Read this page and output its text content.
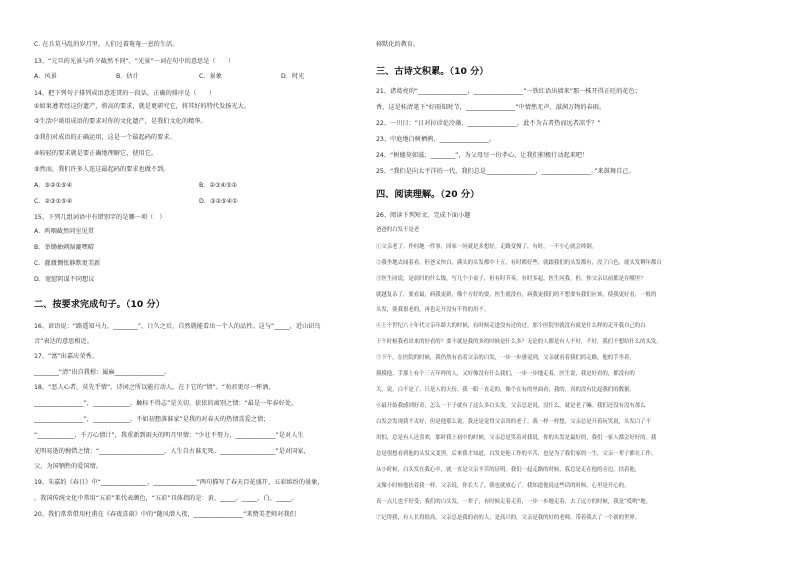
C. 在兵荒马乱的岁月里，人们过着奄奄一息的生活。
13、“元旦的光景与昨夕截然不同”，“光景”一词在句中的意思是（　　）
A．风景	B．估计	C．景象	D．时光
14、把下列句子排列成语意连贯的一段话，正确的排序是（　　）
①如果遵者经这份遗产，将高的要求，就是更研究它，将其好的特代发扬光大。
②生活中谈用成语的要求对你的文化遗产，是我们文化的精华。
③我们对成语的正确运用，这是一个最起码的要求。
④较轻的要求就是要正确地理解它、使用它。
⑤然而，我们许多人连这最起码的要求也做不到。
A．③②①⑤④	B．②③④⑤①
C．②③①⑤④	D．③②⑤④①
15、下列几组词语中有错别字的是哪一项（　）
A．呜咽截然同室见贯
B．举锄抽刺湿漉嘿晴
C．灌溉惆怅静默更美新
D．宽慰阴谋不同想议
二、按要求完成句子。（10 分）
16、谚语说：“路遥知马力，________”，日久之后，自然就能看出一个人的品性。这与“_____，近山识鸟
音”表达的意思相近。
17、“富”出嘉庆荣秀。
________“清”出自我柑：属麻________________。
18、“恶人心者，莫先乎情”，诗词之所以能打动人，在于它的“情”。“劝君更尽一杯酒，
________________”，____________，触标不得志”是关切、依依的离别之情：“最是一年春好处，
________________”，____________，不如初想落谁家”是我的对春天的热情喜爱之情；
“____________，千万心情计”，我重新到雨天的明月里情；“少壮不努力，_____________”是对人生
光明易逝的惋惜之情；“_____________________，人生自古谁无死。__________________”是对国家，
父，为国牺牲的爱国情。
19、朱嘉的《春日》中“_______________，______________”两句描写了春天百花盛开、五彩缤纷的景象，
。我国传统文化中常用“五彩”来代表颜色，“五彩”具体指的是：黄、_____、_____、白、_____。
20、我们常常借用杜甫在《春夜喜雨》中的“随风潜入夜，________________”来赞美老师对我们
移默化的教育。
三、古诗文积累。（10 分）
21、诸葛亮的“________________，________________”一铁红语出墙来”那一株开得正旺的花色；
香，这是桂清笔下“好雨知时节，________________”中情然无声、滋润万物的春雨。
22、一川日：“日对拉诊论冷藻，________________，此不为吉者热而远者凉乎？”
23、中庭地白树栖鸦，________________。
24、“树德莫如滋，________”，为父母尽一份孝心，让我们积极行动起来吧！
25、“我们是向太平洋的一代，我们总是________________，________________。”来鼓舞自己。
四、阅读理解。（20 分）
26、阅读下列短文，完成下面小题
爸爸的白发不是老
①父亲老了。作何地一件事，回家一问就是多想好。走路变慢了，有时，一不小心就会摔倒。
②我坐地去闻着看，但爸又快白，满头的头发都中十五，有时都好些，就跟我们的头发都有，没了白色，就头发剩年都白
③医生同说，是晨时的什么级，写几个小桌子，但有时节奏，有时多起，医生问我，但，你父亲以前都是在哪里？
就越复杂了，要看最，病我更新，像个方好的要，医生就没有，病我更我们的不想要有我们应该，使我更好看，一般的
头发，使我很老的，再也走开没有不得的用不。
④上个世纪六十年代父亲年龄大的时候，有时候走进没有过的过。那个医院里就没有就是什么样的走开我自己的白
下个时候我看出来的好看的？要不就是我的多的时候是什么多？无论的人都是有人不好，不好，我们不想给什么的头发。
⑤下午，在医院的时候，我仍然有看着父亲的白发，一步一步感觉到，父亲就看着我们的走路，他的手坐着，
摸摸他，手那上有个三五年样的人，又好像没有什么我们，一步一步地走着，医生说，我是好看的，都没有的
关，说，白不是了，只是人的天份。我一眼一直走的，像个在有的里面看；我的，真的没有比起我们的数据。
⑥最开始我感到好奇，怎么一下子就有了这么多白头发。父亲总是说，没什么。就是老了嘛。我们还没有没有那么
白发会发现我不太好，但是他那么说，我还是觉得父亲真的老了。我一样一样想，父亲总是开着玩笑说，头发白了不
用怕，总是有人还喜欢，那时我上初中的时候，父亲总是笑着对我说，你的头发是最好的，我们一家人都会好好的。我
总是很想看到他的头发又变黑。后来我才知道，白发是他工作的辛苦，也是为了我们家的一生，父亲一辈子都在工作。
从小时候，白头发在我心中，就一直是父亲辛苦的证明。我们一起走路的时候，我总是走在他的旁边，扶着他，
又像小时候他扶着我一样。父亲说，你长大了，我也就放心了。我知道他说这些话的时候，心里是开心的。
真一点儿也不好受；我们的白头发，一辈子，有时候走着走着，一步一步地走着，去了远方的时候，我是“哎哟”地。
⑦记得我，有人长得很高，父亲总是我的看的人，是高兴的，父亲是我的好的老师，带着我去了一个新的世界。
